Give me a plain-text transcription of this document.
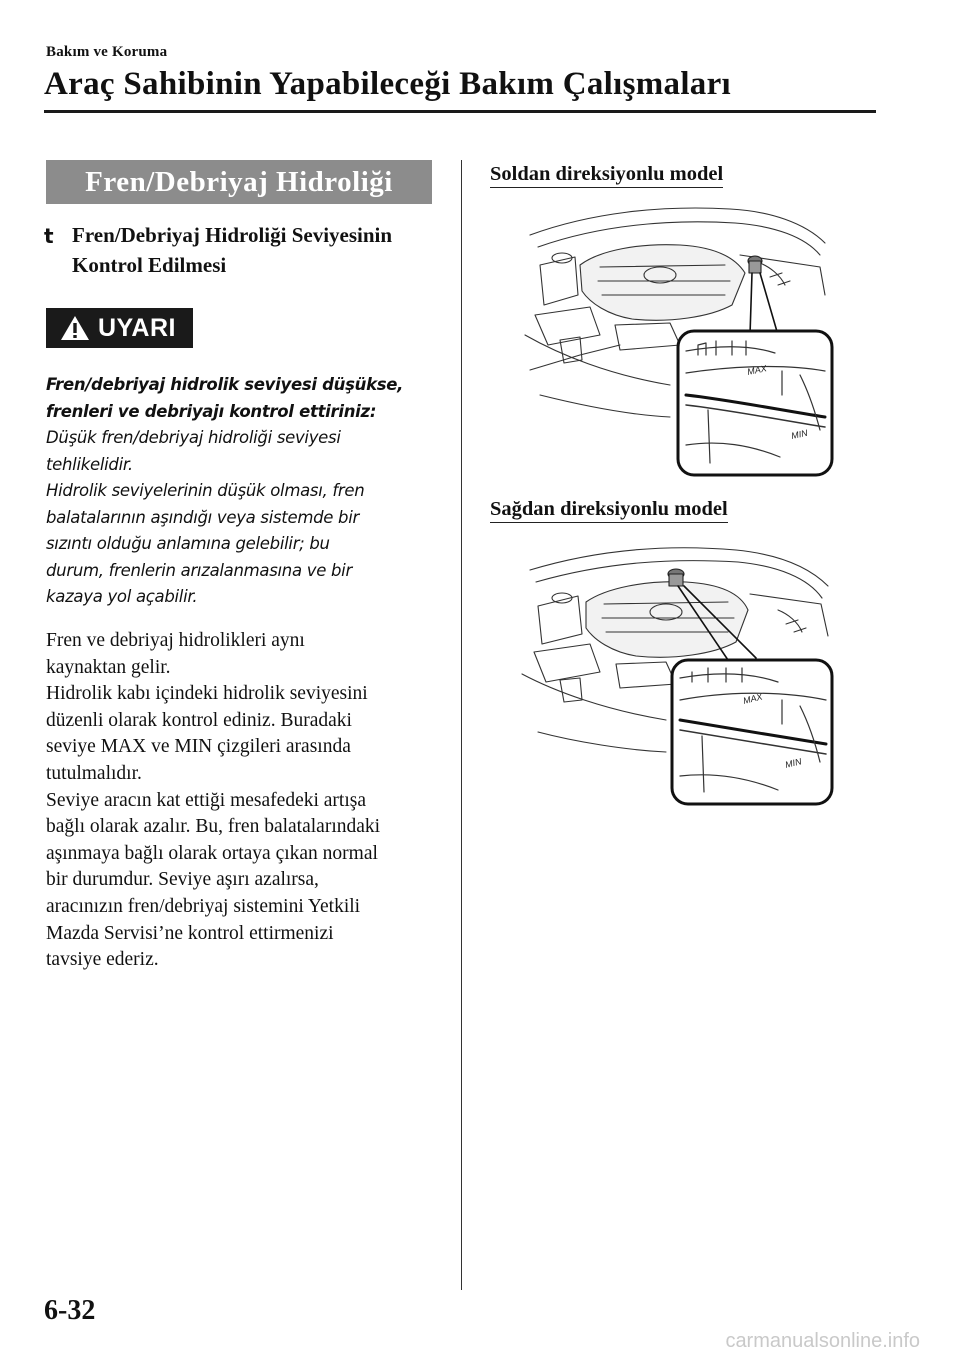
Bakım ve Koruma
Araç Sahibinin Yapabileceği Bakım Çalışmaları
Fren/Debriyaj Hidroliği
t Fren/Debriyaj Hidroliği Seviyesinin Kontrol Edilmesi
UYARI

Fren/debriyaj hidrolik seviyesi düşükse,

frenleri ve debriyajı kontrol ettiriniz:

Düşük fren/debriyaj hidroliği seviyesi

tehlikelidir.

Hidrolik seviyelerinin düşük olması, fren

balatalarının aşındığı veya sistemde bir

sızıntı olduğu anlamına gelebilir; bu

durum, frenlerin arızalanmasına ve bir

kazaya yol açabilir.

Fren ve debriyaj hidrolikleri aynı

kaynaktan gelir.

Hidrolik kabı içindeki hidrolik seviyesini

düzenli olarak kontrol ediniz. Buradaki

seviye MAX ve MIN çizgileri arasında

tutulmalıdır.

Seviye aracın kat ettiği mesafedeki artışa

bağlı olarak azalır. Bu, fren balatalarındaki

aşınmaya bağlı olarak ortaya çıkan normal

bir durumdur. Seviye aşırı azalırsa,

aracınızın fren/debriyaj sistemini Yetkili

Mazda Servisi’ne kontrol ettirmenizi

tavsiye ederiz.

Soldan direksiyonlu model
MAX
MIN
Sağdan direksiyonlu model
MAX
MIN
6-32
carmanualsonline.info
